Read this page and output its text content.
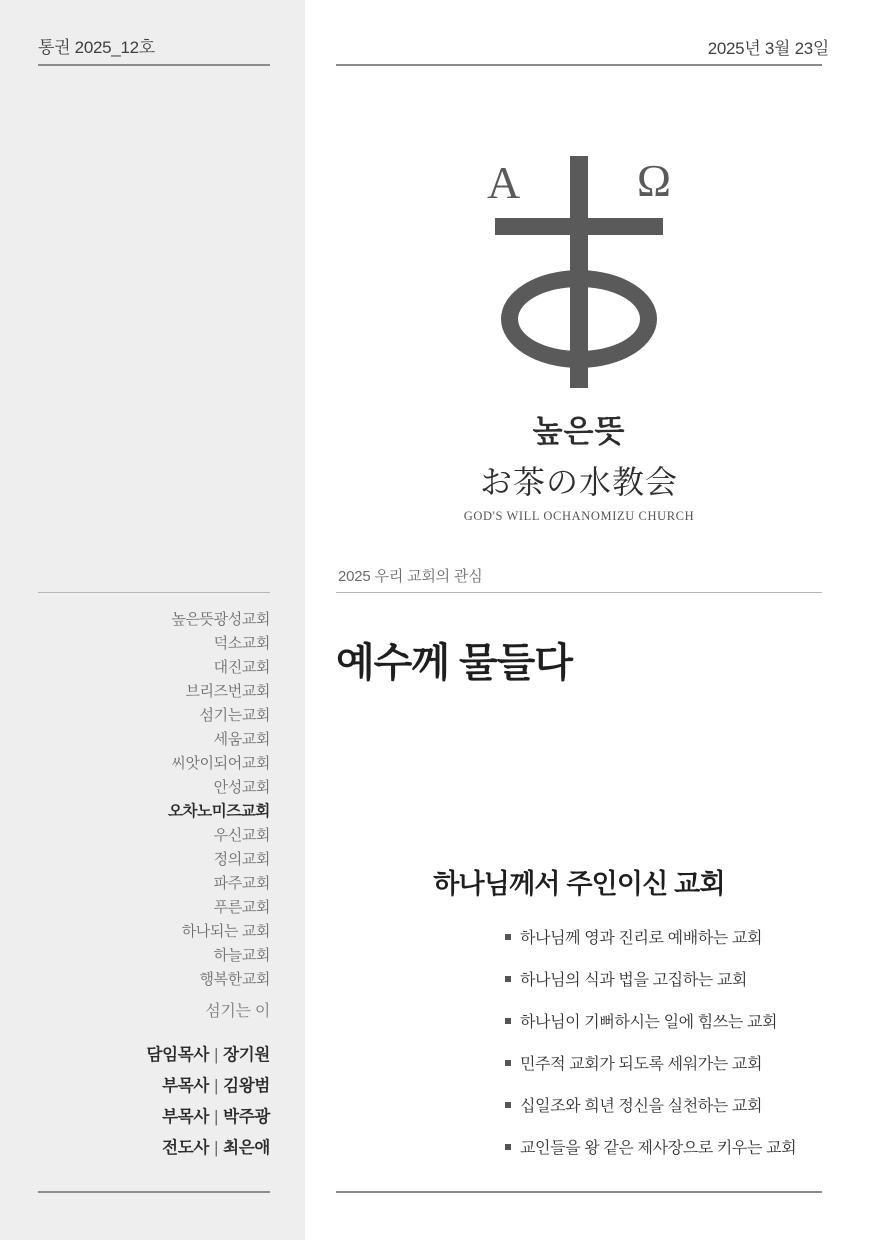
통권 2025_12호
높은뜻광성교회
덕소교회
대진교회
브리즈번교회
섬기는교회
세움교회
씨앗이되어교회
안성교회
오차노미즈교회
우신교회
정의교회
파주교회
푸른교회
하나되는 교회
하늘교회
행복한교회
섬기는 이
담임목사 | 장기원
부목사 | 김왕범
부목사 | 박주광
전도사 | 최은애
2025년 3월 23일
Α	Ω
높은뜻
お茶の水教会
GOD'S WILL OCHANOMIZU CHURCH
2025 우리 교회의 관심
예수께 물들다
하나님께서 주인이신 교회
하나님께 영과 진리로 예배하는 교회
하나님의 식과 법을 고집하는 교회
하나님이 기뻐하시는 일에 힘쓰는 교회
민주적 교회가 되도록 세워가는 교회
십일조와 희년 정신을 실천하는 교회
교인들을 왕 같은 제사장으로 키우는 교회
